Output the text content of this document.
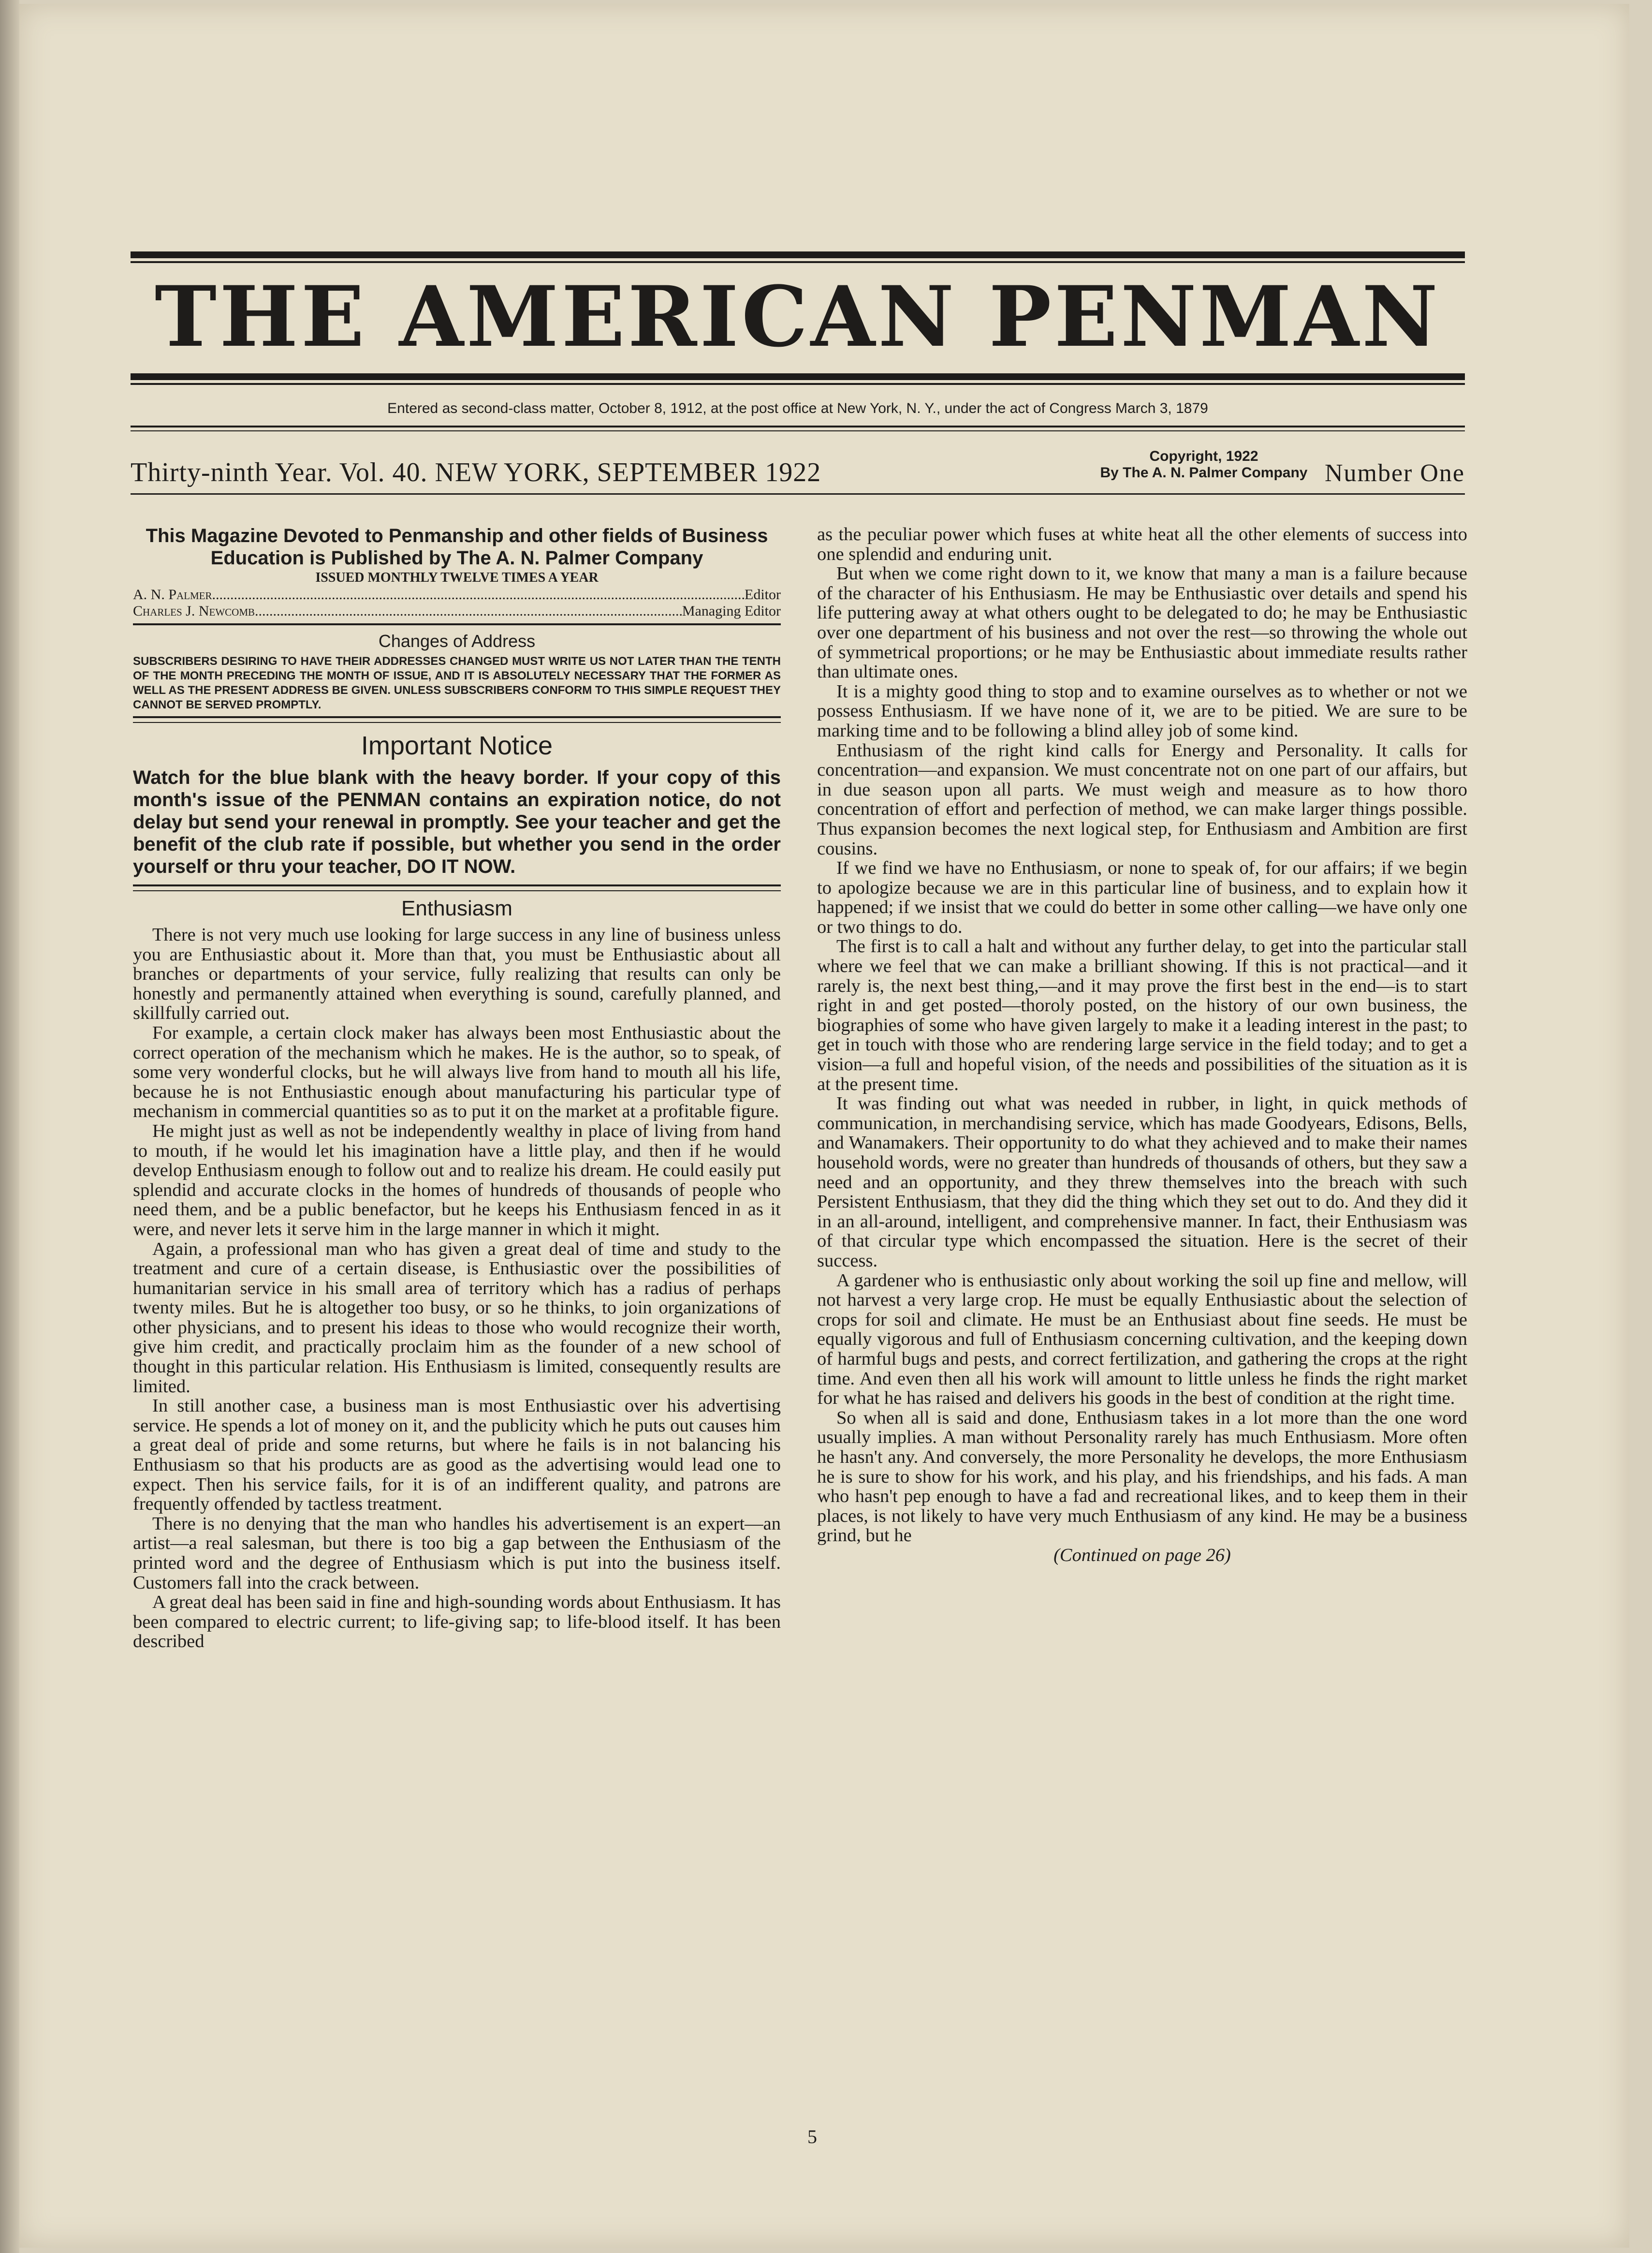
THE AMERICAN PENMAN
Entered as second-class matter, October 8, 1912, at the post office at New York, N. Y., under the act of Congress March 3, 1879
Thirty-ninth Year. Vol. 40. NEW YORK, SEPTEMBER 1922
Copyright, 1922
By The A. N. Palmer Company Number One
This Magazine Devoted to Penmanship and other fields of Business Education is Published by The A. N. Palmer Company
ISSUED MONTHLY TWELVE TIMES A YEAR
A. N. Palmer .....	Editor
Charles J. Newcomb .....	Managing Editor
Changes of Address
SUBSCRIBERS DESIRING TO HAVE THEIR ADDRESSES CHANGED MUST WRITE US NOT LATER THAN THE TENTH OF THE MONTH PRECEDING THE MONTH OF ISSUE, AND IT IS ABSOLUTELY NECESSARY THAT THE FORMER AS WELL AS THE PRESENT ADDRESS BE GIVEN. UNLESS SUBSCRIBERS CONFORM TO THIS SIMPLE REQUEST THEY CANNOT BE SERVED PROMPTLY.
Important Notice
Watch for the blue blank with the heavy border. If your copy of this month's issue of the PENMAN contains an expiration notice, do not delay but send your renewal in promptly. See your teacher and get the benefit of the club rate if possible, but whether you send in the order yourself or thru your teacher, DO IT NOW.
Enthusiasm

There is not very much use looking for large success in any line of business unless you are Enthusiastic about it. More than that, you must be Enthusiastic about all branches or departments of your service, fully realizing that results can only be honestly and permanently attained when everything is sound, carefully planned, and skillfully carried out.

For example, a certain clock maker has always been most Enthusiastic about the correct operation of the mechanism which he makes. He is the author, so to speak, of some very wonderful clocks, but he will always live from hand to mouth all his life, because he is not Enthusiastic enough about manufacturing his particular type of mechanism in commercial quantities so as to put it on the market at a profitable figure.

He might just as well as not be independently wealthy in place of living from hand to mouth, if he would let his imagination have a little play, and then if he would develop Enthusiasm enough to follow out and to realize his dream. He could easily put splendid and accurate clocks in the homes of hundreds of thousands of people who need them, and be a public benefactor, but he keeps his Enthusiasm fenced in as it were, and never lets it serve him in the large manner in which it might.

Again, a professional man who has given a great deal of time and study to the treatment and cure of a certain disease, is Enthusiastic over the possibilities of humanitarian service in his small area of territory which has a radius of perhaps twenty miles. But he is altogether too busy, or so he thinks, to join organizations of other physicians, and to present his ideas to those who would recognize their worth, give him credit, and practically proclaim him as the founder of a new school of thought in this particular relation. His Enthusiasm is limited, consequently results are limited.

In still another case, a business man is most Enthusiastic over his advertising service. He spends a lot of money on it, and the publicity which he puts out causes him a great deal of pride and some returns, but where he fails is in not balancing his Enthusiasm so that his products are as good as the advertising would lead one to expect. Then his service fails, for it is of an indifferent quality, and patrons are frequently offended by tactless treatment.

There is no denying that the man who handles his advertisement is an expert—an artist—a real salesman, but there is too big a gap between the Enthusiasm of the printed word and the degree of Enthusiasm which is put into the business itself. Customers fall into the crack between.

A great deal has been said in fine and high-sounding words about Enthusiasm. It has been compared to electric current; to life-giving sap; to life-blood itself. It has been described

as the peculiar power which fuses at white heat all the other elements of success into one splendid and enduring unit.

But when we come right down to it, we know that many a man is a failure because of the character of his Enthusiasm. He may be Enthusiastic over details and spend his life puttering away at what others ought to be delegated to do; he may be Enthusiastic over one department of his business and not over the rest—so throwing the whole out of symmetrical proportions; or he may be Enthusiastic about immediate results rather than ultimate ones.

It is a mighty good thing to stop and to examine ourselves as to whether or not we possess Enthusiasm. If we have none of it, we are to be pitied. We are sure to be marking time and to be following a blind alley job of some kind.

Enthusiasm of the right kind calls for Energy and Personality. It calls for concentration—and expansion. We must concentrate not on one part of our affairs, but in due season upon all parts. We must weigh and measure as to how thoro concentration of effort and perfection of method, we can make larger things possible. Thus expansion becomes the next logical step, for Enthusiasm and Ambition are first cousins.

If we find we have no Enthusiasm, or none to speak of, for our affairs; if we begin to apologize because we are in this particular line of business, and to explain how it happened; if we insist that we could do better in some other calling—we have only one or two things to do.

The first is to call a halt and without any further delay, to get into the particular stall where we feel that we can make a brilliant showing. If this is not practical—and it rarely is, the next best thing,—and it may prove the first best in the end—is to start right in and get posted—thoroly posted, on the history of our own business, the biographies of some who have given largely to make it a leading interest in the past; to get in touch with those who are rendering large service in the field today; and to get a vision—a full and hopeful vision, of the needs and possibilities of the situation as it is at the present time.

It was finding out what was needed in rubber, in light, in quick methods of communication, in merchandising service, which has made Goodyears, Edisons, Bells, and Wanamakers. Their opportunity to do what they achieved and to make their names household words, were no greater than hundreds of thousands of others, but they saw a need and an opportunity, and they threw themselves into the breach with such Persistent Enthusiasm, that they did the thing which they set out to do. And they did it in an all-around, intelligent, and comprehensive manner. In fact, their Enthusiasm was of that circular type which encompassed the situation. Here is the secret of their success.

A gardener who is enthusiastic only about working the soil up fine and mellow, will not harvest a very large crop. He must be equally Enthusiastic about the selection of crops for soil and climate. He must be an Enthusiast about fine seeds. He must be equally vigorous and full of Enthusiasm concerning cultivation, and the keeping down of harmful bugs and pests, and correct fertilization, and gathering the crops at the right time. And even then all his work will amount to little unless he finds the right market for what he has raised and delivers his goods in the best of condition at the right time.

So when all is said and done, Enthusiasm takes in a lot more than the one word usually implies. A man without Personality rarely has much Enthusiasm. More often he hasn't any. And conversely, the more Personality he develops, the more Enthusiasm he is sure to show for his work, and his play, and his friendships, and his fads. A man who hasn't pep enough to have a fad and recreational likes, and to keep them in their places, is not likely to have very much Enthusiasm of any kind. He may be a business grind, but he

(Continued on page 26)

5
